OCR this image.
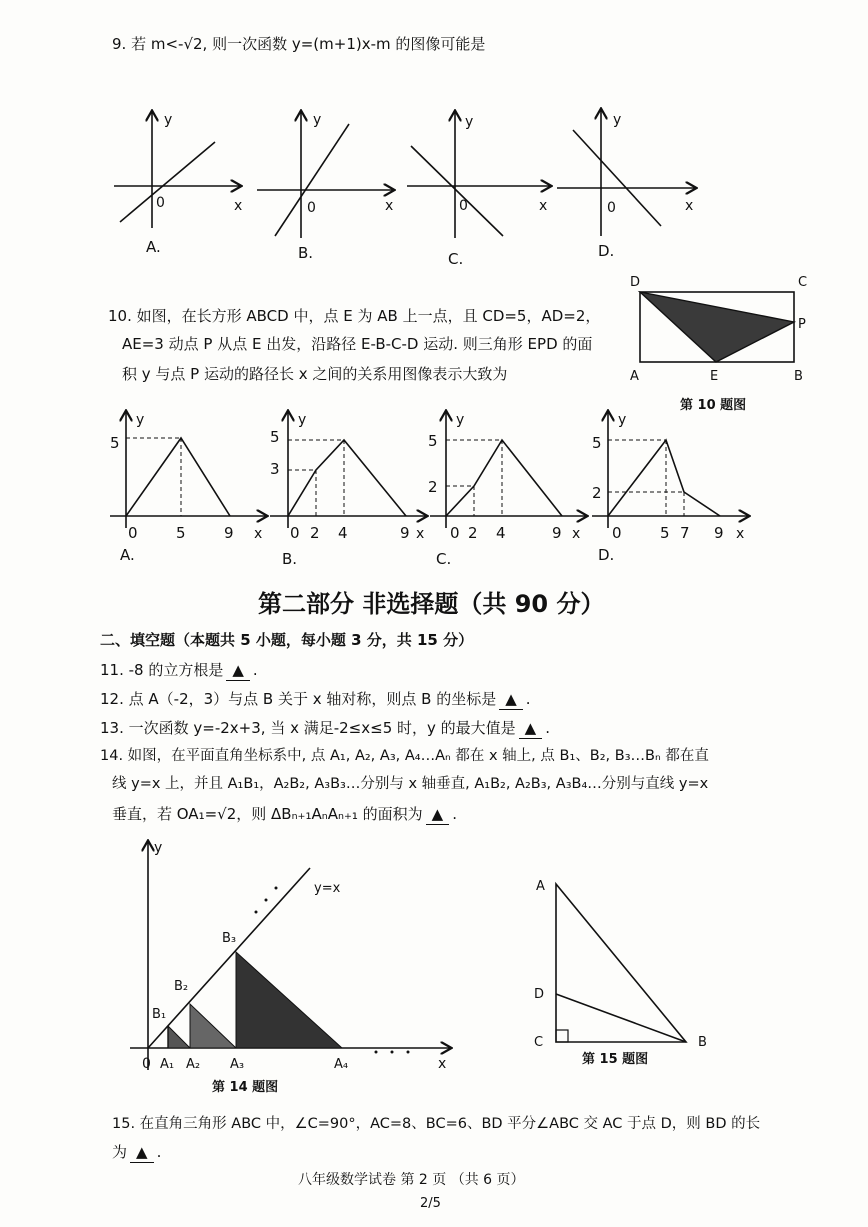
9. 若 m<-√2, 则一次函数 y=(m+1)x-m 的图像可能是
y
x
0
A.
y
x
0
B.
y
x
0
C.
y
x
0
D.
10. 如图，在长方形 ABCD 中，点 E 为 AB 上一点，且 CD=5，AD=2，
AE=3 动点 P 从点 E 出发，沿路径 E-B-C-D 运动. 则三角形 EPD 的面
积 y 与点 P 运动的路径长 x 之间的关系用图像表示大致为
D	C
P
A	E	B
第 10 题图
y
5
0	5	9 x
A.
y
5
3
0 2 4	9 x
B.
y
5
2
0 2 4	9 x
C.
y
5
2
0	5 7 9 x
D.
第二部分 非选择题（共 90 分）
二、填空题（本题共 5 小题，每小题 3 分，共 15 分）
11. -8 的立方根是 ▲ .
12. 点 A（-2，3）与点 B 关于 x 轴对称，则点 B 的坐标是 ▲ .
13. 一次函数 y=-2x+3, 当 x 满足-2≤x≤5 时，y 的最大值是 ▲ .
14. 如图，在平面直角坐标系中, 点 A₁, A₂, A₃, A₄…Aₙ 都在 x 轴上, 点 B₁、B₂, B₃…Bₙ 都在直
线 y=x 上，并且 A₁B₁，A₂B₂, A₃B₃…分别与 x 轴垂直, A₁B₂, A₂B₃, A₃B₄…分别与直线 y=x
垂直，若 OA₁=√2，则 ΔBₙ₊₁AₙAₙ₊₁ 的面积为 ▲ .
y
x
0
y=x
A₁ A₂ A₃	A₄
B₁
B₂
B₃
第 14 题图
A
D
C	B
第 15 题图
15. 在直角三角形 ABC 中，∠C=90°，AC=8、BC=6、BD 平分∠ABC 交 AC 于点 D，则 BD 的长
为 ▲ .
八年级数学试卷 第 2 页 （共 6 页）
2/5
